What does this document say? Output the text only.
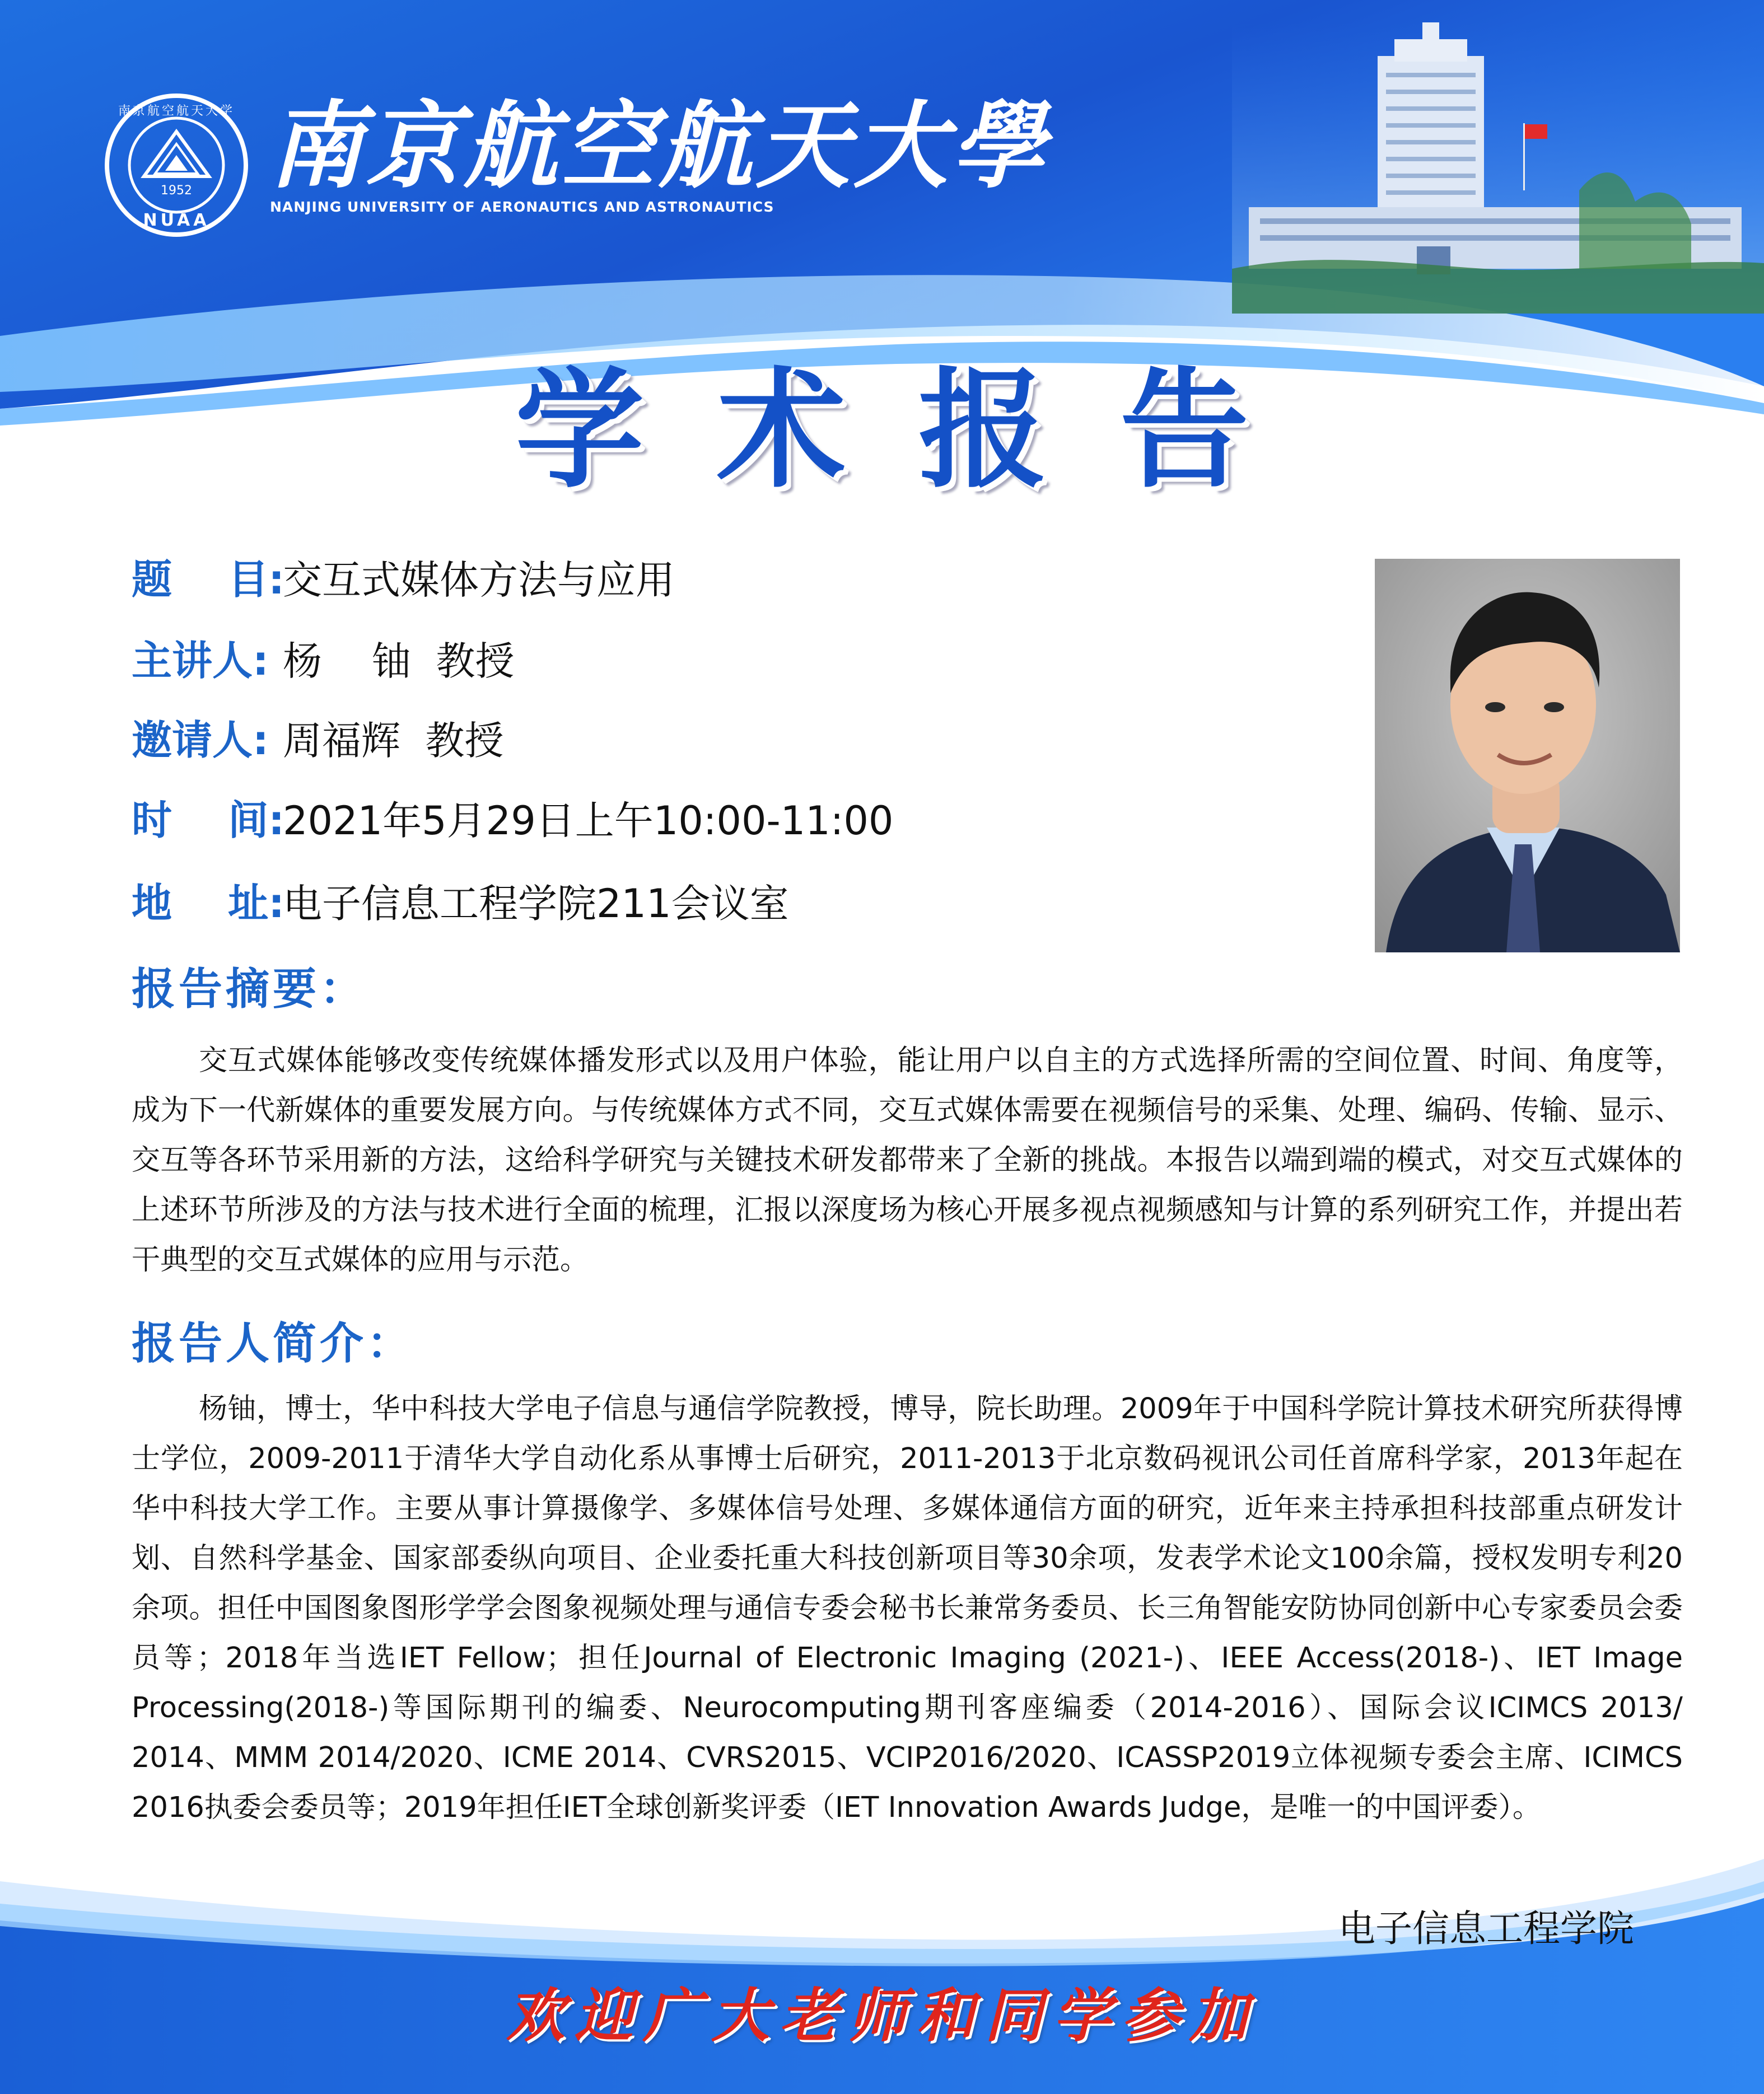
1952
NUAA
南京航空航天大学 南京航空航天大學
NANJING UNIVERSITY OF AERONAUTICS AND ASTRONAUTICS
学术报告
题    目:交互式媒体方法与应用
主讲人: 杨    铀  教授
邀请人: 周福辉  教授
时    间:2021年5月29日上午10:00-11:00
地    址:电子信息工程学院211会议室
报告摘要：
交互式媒体能够改变传统媒体播发形式以及用户体验，能让用户以自主的方式选择所需的空间位置、时间、角度等，成为下一代新媒体的重要发展方向。与传统媒体方式不同，交互式媒体需要在视频信号的采集、处理、编码、传输、显示、交互等各环节采用新的方法，这给科学研究与关键技术研发都带来了全新的挑战。本报告以端到端的模式，对交互式媒体的上述环节所涉及的方法与技术进行全面的梳理，汇报以深度场为核心开展多视点视频感知与计算的系列研究工作，并提出若干典型的交互式媒体的应用与示范。
报告人简介：
杨铀，博士，华中科技大学电子信息与通信学院教授，博导，院长助理。2009年于中国科学院计算技术研究所获得博士学位，2009-2011于清华大学自动化系从事博士后研究，2011-2013于北京数码视讯公司任首席科学家，2013年起在华中科技大学工作。主要从事计算摄像学、多媒体信号处理、多媒体通信方面的研究，近年来主持承担科技部重点研发计划、自然科学基金、国家部委纵向项目、企业委托重大科技创新项目等30余项，发表学术论文100余篇，授权发明专利20余项。担任中国图象图形学学会图象视频处理与通信专委会秘书长兼常务委员、长三角智能安防协同创新中心专家委员会委员等；2018年当选IET Fellow；担任Journal of Electronic Imaging (2021-)、IEEE Access(2018-)、IET Image Processing(2018-)等国际期刊的编委、Neurocomputing期刊客座编委（2014-2016）、国际会议ICIMCS 2013/ 2014、MMM 2014/2020、ICME 2014、CVRS2015、VCIP2016/2020、ICASSP2019立体视频专委会主席、ICIMCS 2016执委会委员等；2019年担任IET全球创新奖评委（IET Innovation Awards Judge，是唯一的中国评委）。
电子信息工程学院
欢迎广大老师和同学参加
